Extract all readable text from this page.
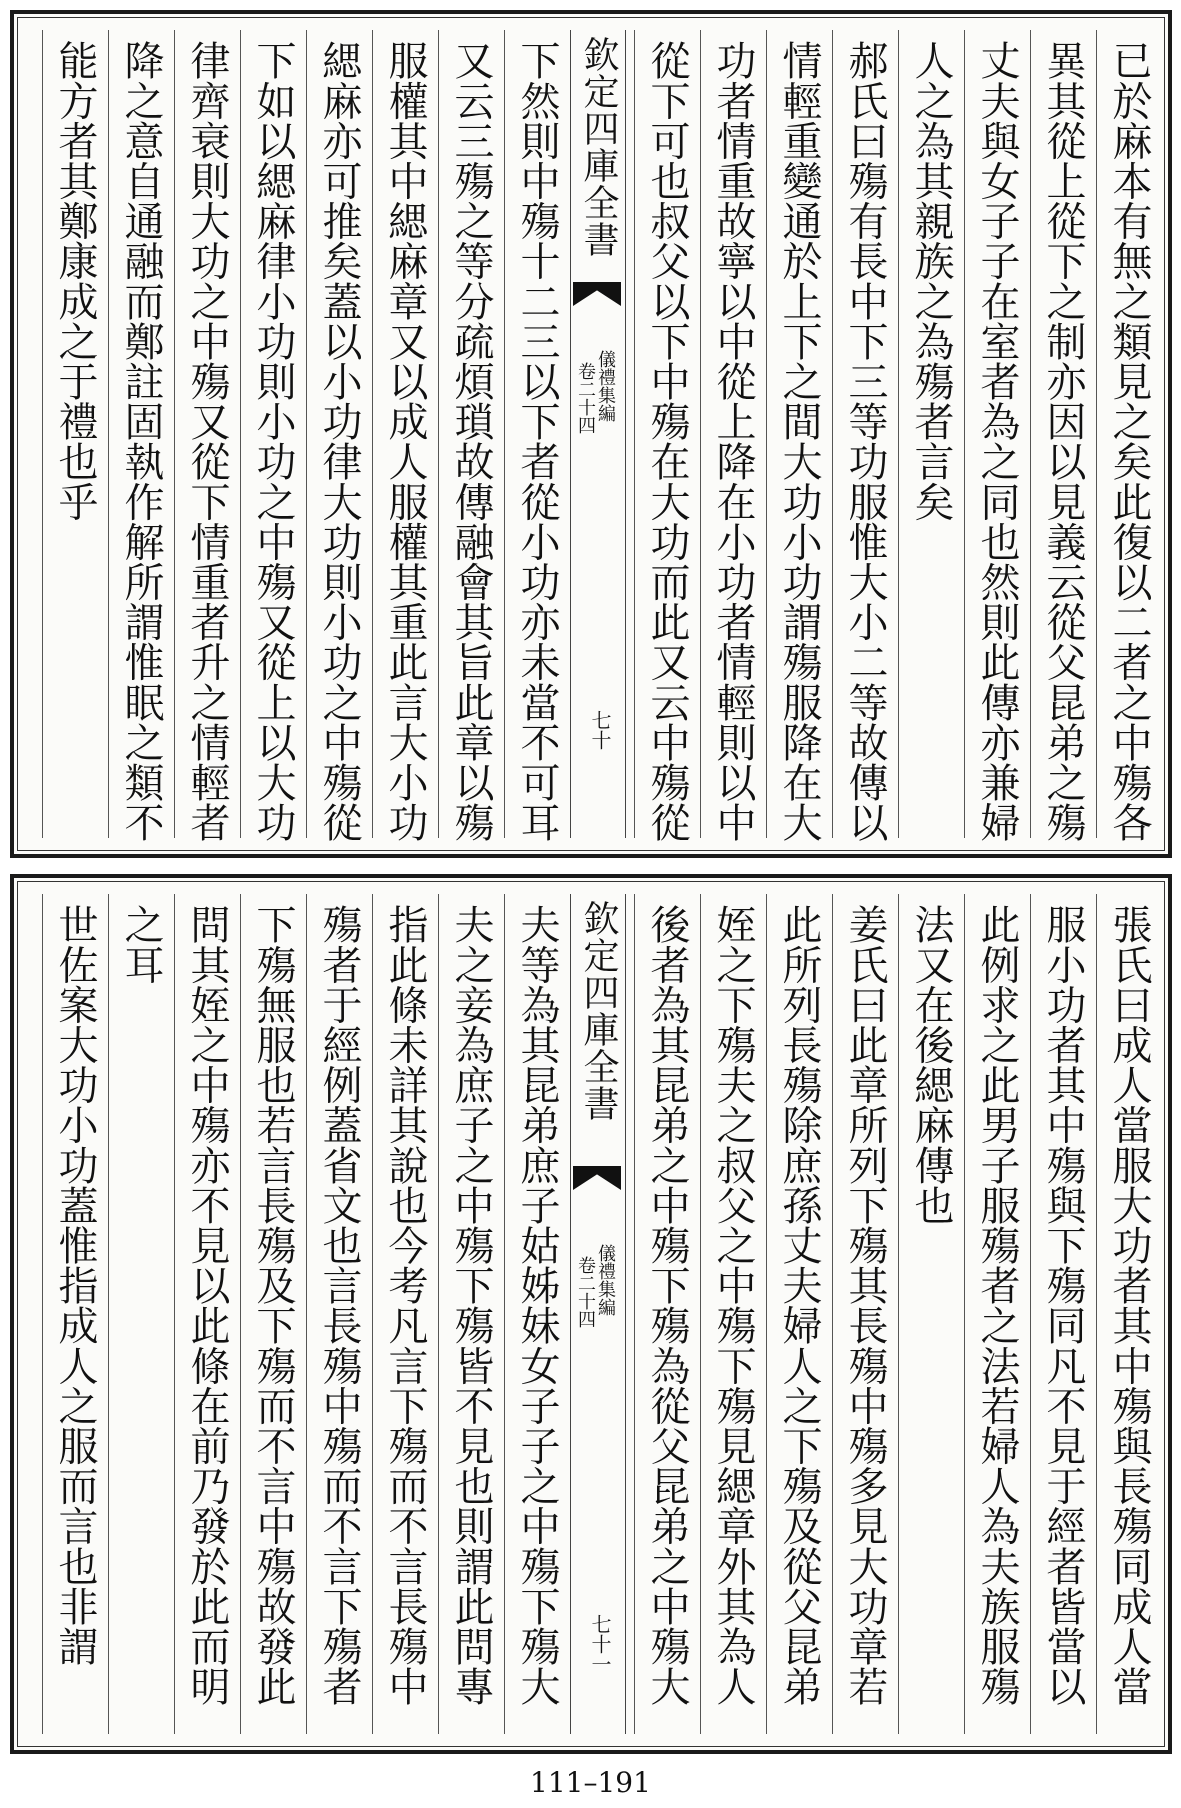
已於麻本有無之類見之矣此復以二者之中殤各
異其從上從下之制亦因以見義云從父昆弟之殤
丈夫與女子子在室者為之同也然則此傳亦兼婦
人之為其親族之為殤者言矣
郝氏曰殤有長中下三等功服惟大小二等故傳以
情輕重變通於上下之間大功小功謂殤服降在大
功者情重故寧以中從上降在小功者情輕則以中
從下可也叔父以下中殤在大功而此又云中殤從
下然則中殤十二三以下者從小功亦未當不可耳
又云三殤之等分疏煩瑣故傳融會其旨此章以殤
服權其中緦麻章又以成人服權其重此言大小功
緦麻亦可推矣蓋以小功律大功則小功之中殤從
下如以緦麻律小功則小功之中殤又從上以大功
律齊衰則大功之中殤又從下情重者升之情輕者
降之意自通融而鄭註固執作解所謂惟眠之類不
能方者其鄭康成之于禮也乎	欽定四庫全書
儀禮集編
卷二十四
七十
張氏曰成人當服大功者其中殤與長殤同成人當
服小功者其中殤與下殤同凡不見于經者皆當以
此例求之此男子服殤者之法若婦人為夫族服殤
法又在後緦麻傳也
姜氏曰此章所列下殤其長殤中殤多見大功章若
此所列長殤除庶孫丈夫婦人之下殤及從父昆弟
姪之下殤夫之叔父之中殤下殤見緦章外其為人
後者為其昆弟之中殤下殤為從父昆弟之中殤大
夫等為其昆弟庶子姑姊妹女子子之中殤下殤大
夫之妾為庶子之中殤下殤皆不見也則謂此問專
指此條未詳其說也今考凡言下殤而不言長殤中
殤者于經例蓋省文也言長殤中殤而不言下殤者
下殤無服也若言長殤及下殤而不言中殤故發此
問其姪之中殤亦不見以此條在前乃發於此而明
之耳
世佐案大功小功蓋惟指成人之服而言也非謂	欽定四庫全書
儀禮集編
卷二十四
七十一
111–191
